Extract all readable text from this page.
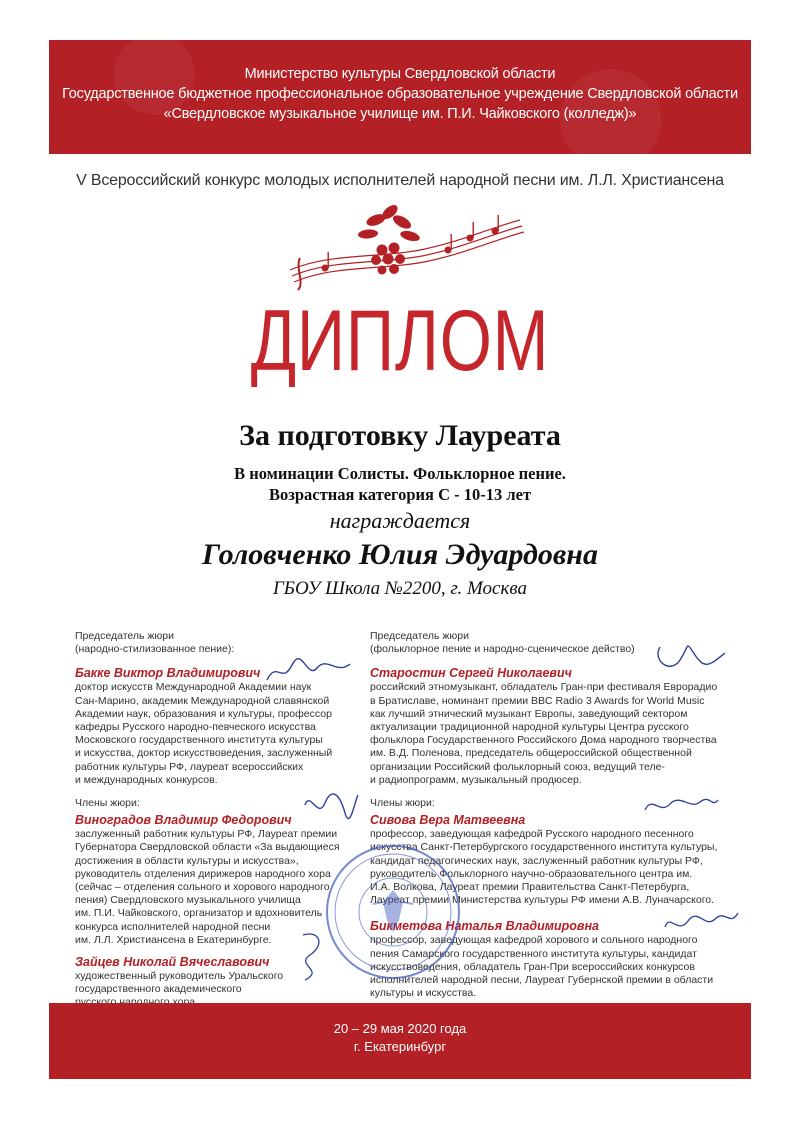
Министерство культуры Свердловской области
Государственное бюджетное профессиональное образовательное учреждение Свердловской области
«Свердловское музыкальное училище им. П.И. Чайковского (колледж)»
V Всероссийский конкурс молодых исполнителей народной песни им. Л.Л. Христиансена
ДИПЛОМ
За подготовку Лауреата
В номинации Солисты. Фольклорное пение.
Возрастная категория С - 10-13 лет
награждается
Головченко Юлия Эдуардовна
ГБОУ Школа №2200, г. Москва
Председатель жюри
(народно-стилизованное пение):
Бакке Виктор Владимирович
доктор искусств Международной Академии наук
Сан-Марино, академик Международной славянской
Академии наук, образования и культуры, профессор
кафедры Русского народно-певческого искусства
Московского государственного института культуры
и искусства, доктор искусствоведения, заслуженный
работник культуры РФ, лауреат всероссийских
и международных конкурсов.
Члены жюри:
Виноградов Владимир Федорович
заслуженный работник культуры РФ, Лауреат премии
Губернатора Свердловской области «За выдающиеся
достижения в области культуры и искусства»,
руководитель отделения дирижеров народного хора
(сейчас – отделения сольного и хорового народного
пения) Свердловского музыкального училища
им. П.И. Чайковского, организатор и вдохновитель
конкурса исполнителей народной песни
им. Л.Л. Христиансена в Екатеринбурге.
Зайцев Николай Вячеславович
художественный руководитель Уральского
государственного академического
Председатель жюри
(фольклорное пение и народно-сценическое действо)
Старостин Сергей Николаевич
российский этномузыкант, обладатель Гран-при фестиваля Еврорадио
в Братиславе, номинант премии BBC Radio 3 Awards for World Music
как лучший этнический музыкант Европы, заведующий сектором
актуализации традиционной народной культуры Центра русского
фольклора Государственного Российского Дома народного творчества
им. В.Д. Поленова, председатель общероссийской общественной
организации Российский фольклорный союз, ведущий теле-
и радиопрограмм, музыкальный продюсер.
Члены жюри:
Сивова Вера Матвеевна
профессор, заведующая кафедрой Русского народного песенного
искусства Санкт-Петербургского государственного института культуры,
кандидат педагогических наук, заслуженный работник культуры РФ,
руководитель Фольклорного научно-образовательного центра им.
И.А. Волкова, Лауреат премии Правительства Санкт-Петербурга,
Лауреат премии Министерства культуры РФ имени А.В. Луначарского.
Бикметова Наталья Владимировна
профессор, заведующая кафедрой хорового и сольного народного
пения Самарского государственного института культуры, кандидат
искусствоведения, обладатель Гран-При всероссийских конкурсов
исполнителей народной песни, Лауреат Губернской премии в области
культуры и искусства.
20 – 29 мая 2020 года
г. Екатеринбург
